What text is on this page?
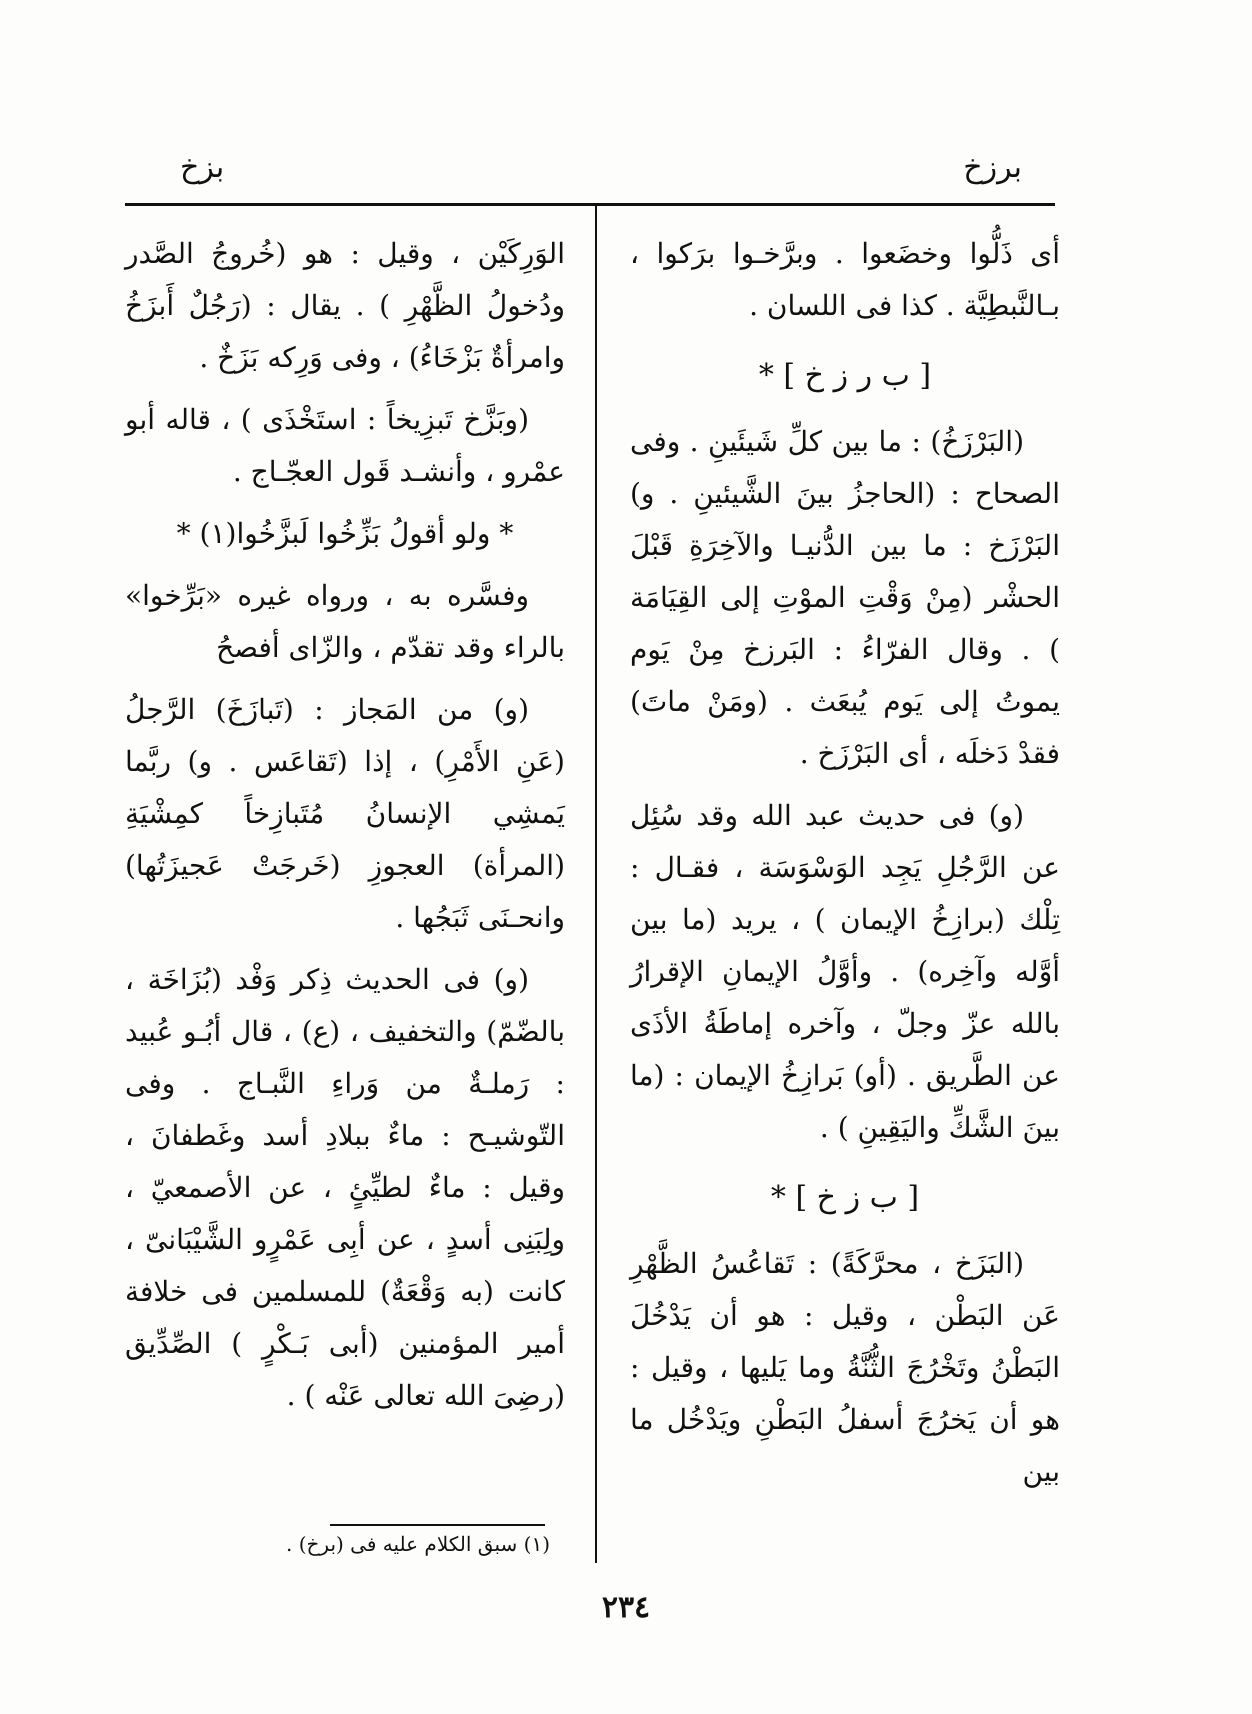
برزخ
بزخ

أى ذَلُّوا وخضَعوا . وبرَّخـوا برَكوا ، بـالنَّبطِيَّة . كذا فى اللسان .

[ ب ر ز خ ] *

(البَرْزَخُ) : ما بين كلِّ شَيئَينِ . وفى الصحاح : (الحاجزُ بينَ الشَّيئينِ . و) البَرْزَخ : ما بين الدُّنيـا والآخِرَةِ قَبْلَ الحشْر (مِنْ وَقْتِ الموْتِ إلى القِيَامَة ) . وقال الفرّاءُ : البَرزخ مِنْ يَوم يموتُ إلى يَوم يُبعَث . (ومَنْ ماتَ) فقدْ دَخلَه ، أى البَرْزَخ .

(و) فى حديث عبد الله وقد سُئِل عن الرَّجُلِ يَجِد الوَسْوَسَة ، فقـال : تِلْك (برازِخُ الإيمان ) ، يريد (ما بين أوَّله وآخِره) . وأوَّلُ الإيمانِ الإقرارُ بالله عزّ وجلّ ، وآخره إماطَةُ الأذَى عن الطَّريق . (أو) بَرازِخُ الإيمان : (ما بينَ الشَّكِّ واليَقِينِ ) .

[ ب ز خ ] *

(البَزَخ ، محرَّكَةً) : تَقاعُسُ الظَّهْرِ عَن البَطْن ، وقيل : هو أن يَدْخُلَ البَطْنُ وتَخْرُجَ الثُّنَّةُ وما يَليها ، وقيل : هو أن يَخرُجَ أسفلُ البَطْنِ ويَدْخُل ما بين

الوَرِكَيْن ، وقيل : هو (خُروجُ الصَّدر ودُخولُ الظَّهْرِ ) . يقال : (رَجُلٌ أَبزَخُ وامرأةٌ بَزْخَاءُ) ، وفى وَرِكه بَزَخٌ .

(وبَزَّخ تَبزِيخاً : استَخْذَى ) ، قاله أبو عمْرو ، وأنشـد قَول العجّـاج .

* ولو أقولُ بَزِّخُوا لَبزَّخُوا(١) *

وفسَّره به ، ورواه غيره «بَرِّخوا» بالراء وقد تقدّم ، والزّاى أفصحُ

(و) من المَجاز : (تَبازَخَ) الرَّجلُ (عَنِ الأَمْرِ) ، إذا (تَقاعَس . و) ربَّما يَمشِي الإنسانُ مُتَبازِخاً كمِشْيَةِ (المرأة) العجوزِ (خَرجَتْ عَجيزَتُها) وانحـنَى ثَبَجُها .

(و) فى الحديث ذِكر وَفْد (بُزَاخَة ، بالضّمّ) والتخفيف ، (ع) ، قال أبُـو عُبيد : رَملـةٌ من وَراءِ النَّبـاج . وفى التّوشيـح : ماءٌ ببلادِ أسد وغَطفانَ ، وقيل : ماءٌ لطيِّئٍ ، عن الأصمعيّ ، ولِبَنِى أسدٍ ، عن أبِى عَمْرٍو الشَّيْبَانىّ ، كانت (به وَقْعَةٌ) للمسلمين فى خلافة أمير المؤمنين (أبى بَـكْرٍ ) الصِّدِّيق (رضِىَ الله تعالى عَنْه ) .

(١) سبق الكلام عليه فى (برخ) .
٢٣٤
